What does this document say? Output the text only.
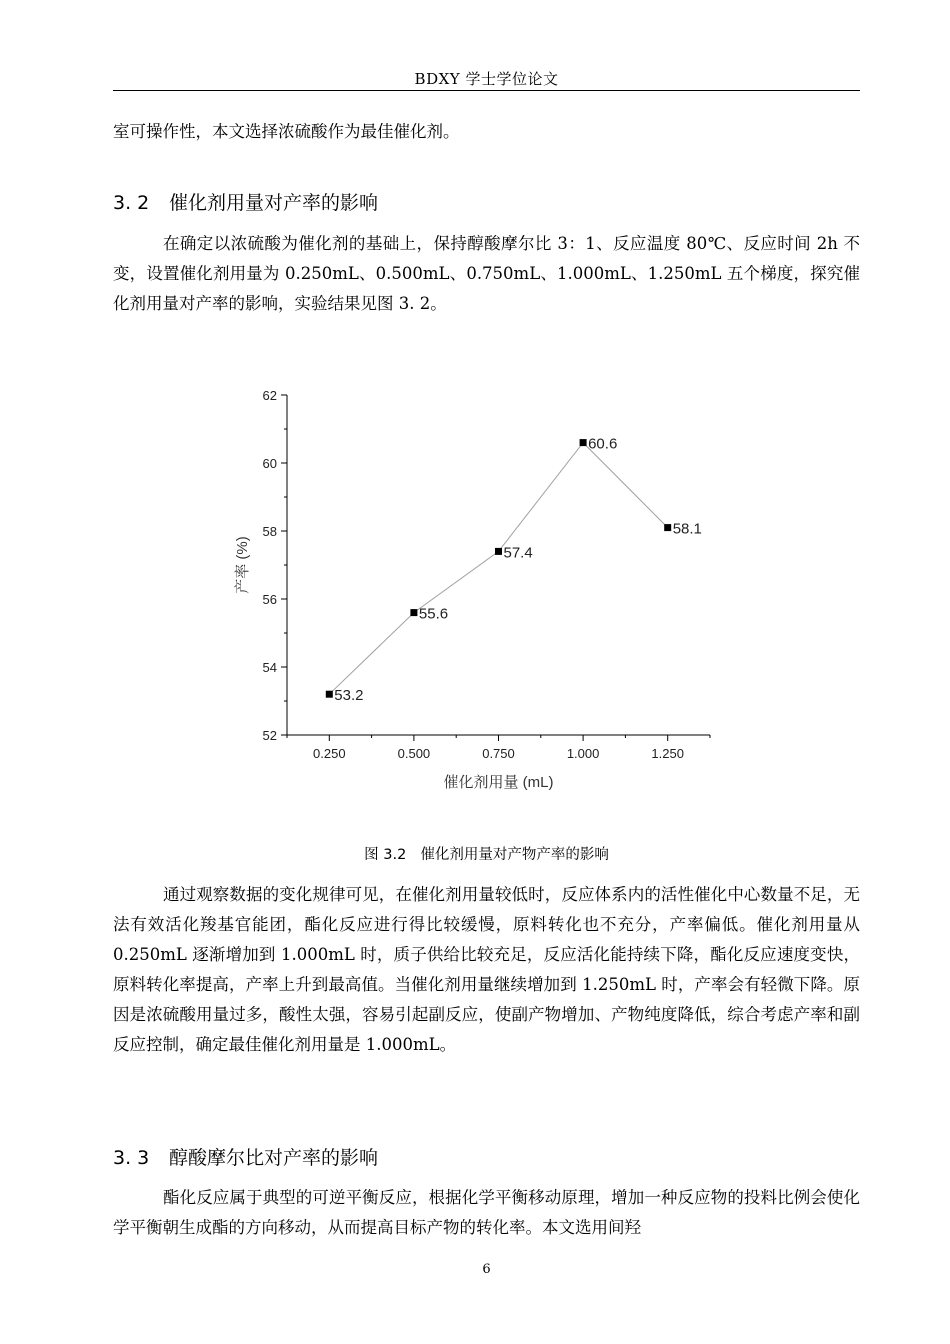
BDXY 学士学位论文

室可操作性，本文选择浓硫酸作为最佳催化剂。

3. 2 催化剂用量对产率的影响

在确定以浓硫酸为催化剂的基础上，保持醇酸摩尔比 3：1、反应温度 80℃、反应时间 2h 不变，设置催化剂用量为 0.250mL、0.500mL、0.750mL、1.000mL、1.250mL 五个梯度，探究催化剂用量对产率的影响，实验结果见图 3. 2。

52
54
56
58
60
62
0.250	0.500	0.750	1.000	1.250
53.2
55.6
57.4
60.6
58.1
催化剂用量 (mL)
产率 (%)
图 3.2 催化剂用量对产物产率的影响

通过观察数据的变化规律可见，在催化剂用量较低时，反应体系内的活性催化中心数量不足，无法有效活化羧基官能团，酯化反应进行得比较缓慢，原料转化也不充分，产率偏低。催化剂用量从 0.250mL 逐渐增加到 1.000mL 时，质子供给比较充足，反应活化能持续下降，酯化反应速度变快，原料转化率提高，产率上升到最高值。当催化剂用量继续增加到 1.250mL 时，产率会有轻微下降。原因是浓硫酸用量过多，酸性太强，容易引起副反应，使副产物增加、产物纯度降低，综合考虑产率和副反应控制，确定最佳催化剂用量是 1.000mL。

3. 3 醇酸摩尔比对产率的影响

酯化反应属于典型的可逆平衡反应，根据化学平衡移动原理，增加一种反应物的投料比例会使化学平衡朝生成酯的方向移动，从而提高目标产物的转化率。本文选用间羟

6
